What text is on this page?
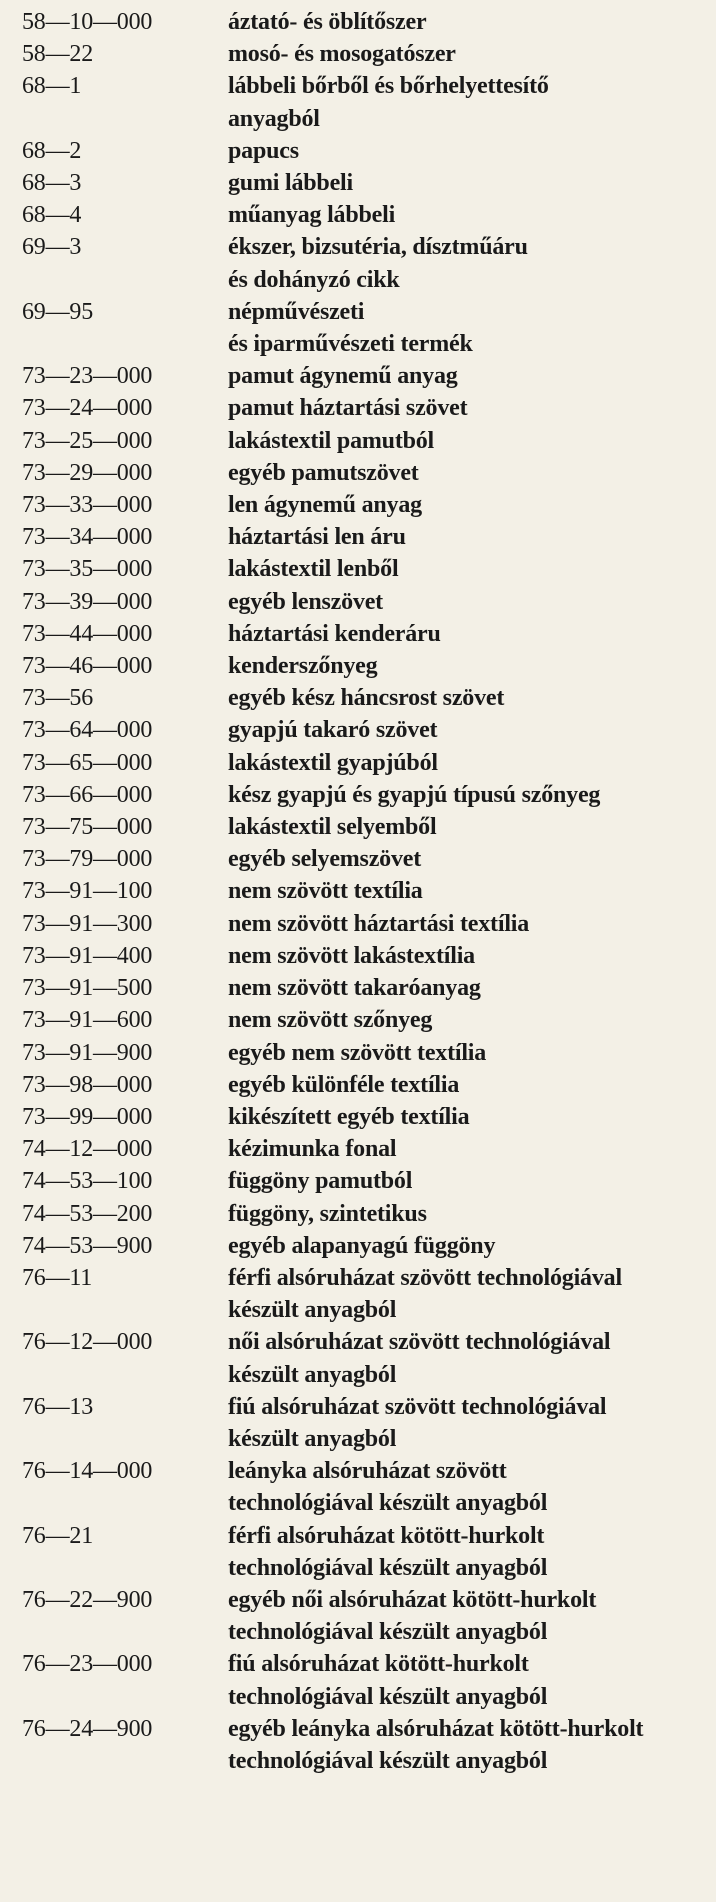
58—10—000	áztató- és öblítőszer
58—22	mosó- és mosogatószer
68—1	lábbeli bőrből és bőrhelyettesítő
anyagból
68—2	papucs
68—3	gumi lábbeli
68—4	műanyag lábbeli
69—3	ékszer, bizsutéria, dísztműáru
és dohányzó cikk
69—95	népművészeti
és iparművészeti termék
73—23—000	pamut ágynemű anyag
73—24—000	pamut háztartási szövet
73—25—000	lakástextil pamutból
73—29—000	egyéb pamutszövet
73—33—000	len ágynemű anyag
73—34—000	háztartási len áru
73—35—000	lakástextil lenből
73—39—000	egyéb lenszövet
73—44—000	háztartási kenderáru
73—46—000	kenderszőnyeg
73—56	egyéb kész háncsrost szövet
73—64—000	gyapjú takaró szövet
73—65—000	lakástextil gyapjúból
73—66—000	kész gyapjú és gyapjú típusú szőnyeg
73—75—000	lakástextil selyemből
73—79—000	egyéb selyemszövet
73—91—100	nem szövött textília
73—91—300	nem szövött háztartási textília
73—91—400	nem szövött lakástextília
73—91—500	nem szövött takaróanyag
73—91—600	nem szövött szőnyeg
73—91—900	egyéb nem szövött textília
73—98—000	egyéb különféle textília
73—99—000	kikészített egyéb textília
74—12—000	kézimunka fonal
74—53—100	függöny pamutból
74—53—200	függöny, szintetikus
74—53—900	egyéb alapanyagú függöny
76—11	férfi alsóruházat szövött technológiával
készült anyagból
76—12—000	női alsóruházat szövött technológiával
készült anyagból
76—13	fiú alsóruházat szövött technológiával
készült anyagból
76—14—000	leányka alsóruházat szövött
technológiával készült anyagból
76—21	férfi alsóruházat kötött-hurkolt
technológiával készült anyagból
76—22—900	egyéb női alsóruházat kötött-hurkolt
technológiával készült anyagból
76—23—000	fiú alsóruházat kötött-hurkolt
technológiával készült anyagból
76—24—900	egyéb leányka alsóruházat kötött-hurkolt
technológiával készült anyagból
